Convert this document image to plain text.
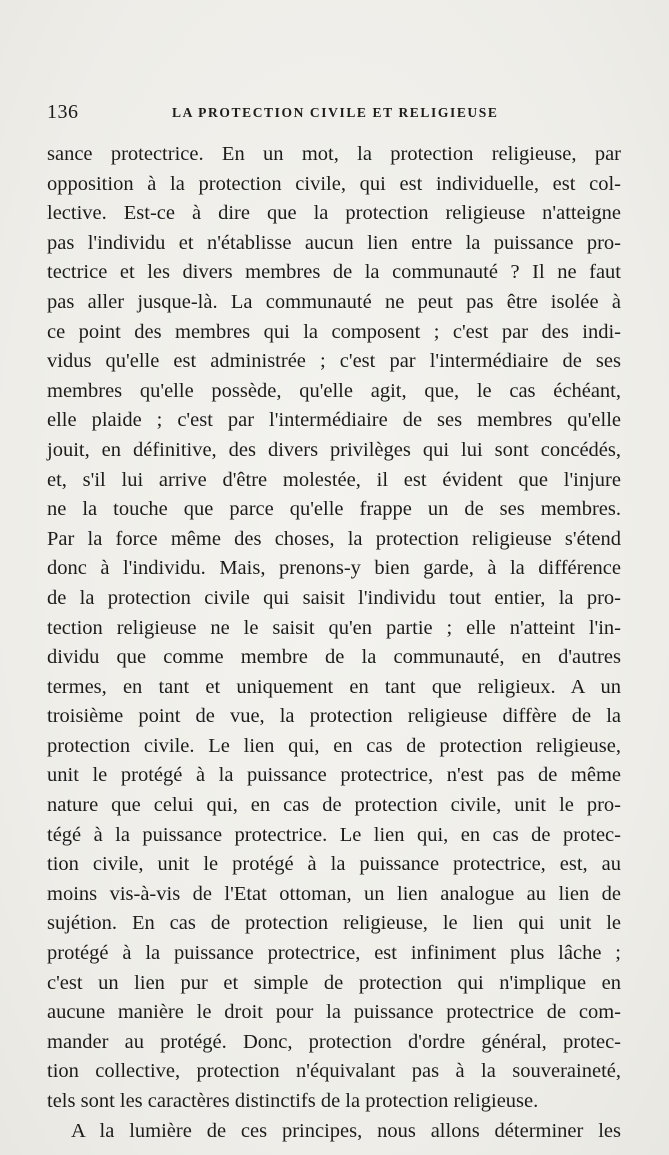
136	LA PROTECTION CIVILE ET RELIGIEUSE
sance protectrice. En un mot, la protection religieuse, par
opposition à la protection civile, qui est individuelle, est col-
lective. Est-ce à dire que la protection religieuse n'atteigne
pas l'individu et n'établisse aucun lien entre la puissance pro-
tectrice et les divers membres de la communauté ? Il ne faut
pas aller jusque-là. La communauté ne peut pas être isolée à
ce point des membres qui la composent ; c'est par des indi-
vidus qu'elle est administrée ; c'est par l'intermédiaire de ses
membres qu'elle possède, qu'elle agit, que, le cas échéant,
elle plaide ; c'est par l'intermédiaire de ses membres qu'elle
jouit, en définitive, des divers privilèges qui lui sont concédés,
et, s'il lui arrive d'être molestée, il est évident que l'injure
ne la touche que parce qu'elle frappe un de ses membres.
Par la force même des choses, la protection religieuse s'étend
donc à l'individu. Mais, prenons-y bien garde, à la différence
de la protection civile qui saisit l'individu tout entier, la pro-
tection religieuse ne le saisit qu'en partie ; elle n'atteint l'in-
dividu que comme membre de la communauté, en d'autres
termes, en tant et uniquement en tant que religieux. A un
troisième point de vue, la protection religieuse diffère de la
protection civile. Le lien qui, en cas de protection religieuse,
unit le protégé à la puissance protectrice, n'est pas de même
nature que celui qui, en cas de protection civile, unit le pro-
tégé à la puissance protectrice. Le lien qui, en cas de protec-
tion civile, unit le protégé à la puissance protectrice, est, au
moins vis-à-vis de l'Etat ottoman, un lien analogue au lien de
sujétion. En cas de protection religieuse, le lien qui unit le
protégé à la puissance protectrice, est infiniment plus lâche ;
c'est un lien pur et simple de protection qui n'implique en
aucune manière le droit pour la puissance protectrice de com-
mander au protégé. Donc, protection d'ordre général, protec-
tion collective, protection n'équivalant pas à la souveraineté,
tels sont les caractères distinctifs de la protection religieuse.
A la lumière de ces principes, nous allons déterminer les
